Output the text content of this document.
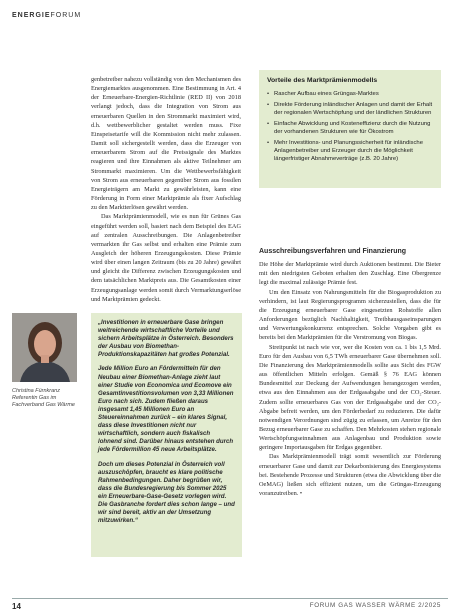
ENERGIEFORUM

genbetreiber nahezu vollständig von den Mechanismen des Energiemarktes ausgenommen. Eine Bestimmung in Art. 4 der Erneuerbare-Energien-Richtlinie (RED II) von 2018 verlangt jedoch, dass die Integration von Strom aus erneuerbaren Quellen in den Strommarkt maximiert wird, d.h. wettbewerblicher gestaltet werden muss. Fixe Einspeisetarife will die Kommission nicht mehr zulassen. Damit soll sichergestellt werden, dass die Erzeuger von erneuerbarem Strom auf die Preissignale des Marktes reagieren und ihre Einnahmen als aktive Teilnehmer am Strommarkt maximieren. Um die Wettbewerbsfähigkeit von Strom aus erneuerbaren gegenüber Strom aus fossilen Energieträgern am Markt zu gewährleisten, kann eine Förderung in Form einer Marktprämie als fixer Aufschlag zu den Marktterlösen gewährt werden.

Das Marktprämienmodell, wie es nun für Grünes Gas eingeführt werden soll, basiert nach dem Beispiel des EAG auf zentralen Ausschreibungen. Die Anlagenbetreiber vermarkten ihr Gas selbst und erhalten eine Prämie zum Ausgleich der höheren Erzeugungskosten. Diese Prämie wird über einen langen Zeitraum (bis zu 20 Jahre) gewährt und gleicht die Differenz zwischen Erzeugungskosten und dem tatsächlichen Marktpreis aus. Die Gesamtkosten einer Erzeugungsanlage werden somit durch Vermarktungserlöse und Marktprämien gedeckt.

Vorteile des Marktprämienmodells
• Rascher Aufbau eines Grüngas-Marktes
• Direkte Förderung inländischer Anlagen und damit der Erhalt der regionalen Wertschöpfung und der ländlichen Strukturen
• Einfache Abwicklung und Kosteneffizienz durch die Nutzung der vorhandenen Strukturen wie für Ökostrom
• Mehr Investitions- und Planungssicherheit für inländische Anlagenbetreiber und Erzeuger durch die Möglichkeit längerfristiger Abnahmeverträge (z.B. 20 Jahre)
Ausschreibungsverfahren und Finanzierung

Die Höhe der Marktprämie wird durch Auktionen bestimmt. Die Bieter mit den niedrigsten Geboten erhalten den Zuschlag. Eine Obergrenze legt die maximal zulässige Prämie fest.

Um den Einsatz von Nahrungsmitteln für die Biogasproduktion zu verhindern, ist laut Regierungsprogramm sicherzustellen, dass die für die Erzeugung erneuerbarer Gase eingesetzten Rohstoffe allen Anforderungen bezüglich Nachhaltigkeit, Treibhausgaseinsparungen und Verwertungskonkurrenz entsprechen. Solche Vorgaben gibt es bereits bei den Marktprämien für die Verstromung von Biogas.

Streitpunkt ist nach wie vor, wer die Kosten von ca. 1 bis 1,5 Mrd. Euro für den Ausbau von 6,5 TWh erneuerbarer Gase übernehmen soll. Die Finanzierung des Marktprämienmodells sollte aus Sicht des FGW aus öffentlichen Mitteln erfolgen. Gemäß § 76 EAG können Bundesmittel zur Deckung der Aufwendungen herangezogen werden, etwa aus den Einnahmen aus der Erdgasabgabe und der CO₂-Steuer. Zudem sollte erneuerbares Gas von der Erdgasabgabe und der CO₂-Abgabe befreit werden, um den Förderbedarf zu reduzieren. Die dafür notwendigen Verordnungen sind zügig zu erlassen, um Anreize für den Bezug erneuerbarer Gase zu schaffen. Den Mehrkosten stehen regionale Wertschöpfungseinnahmen aus Anlagenbau und Produktion sowie geringere Importausgaben für Erdgas gegenüber.

Das Marktprämienmodell trägt somit wesentlich zur Förderung erneuerbarer Gase und damit zur Dekarbonisierung des Energiesystems bei. Bestehende Prozesse und Strukturen (etwa die Abwicklung über die OeMAG) ließen sich effizient nutzen, um die Grüngas-Erzeugung voranzutreiben. •

Christina Fürnkranz
Referentin Gas im Fachverband Gas Wärme

„Investitionen in erneuerbare Gase bringen weitreichende wirtschaftliche Vorteile und sichern Arbeitsplätze in Österreich. Besonders der Ausbau von Biomethan-Produktionskapazitäten hat großes Potenzial.

Jede Million Euro an Fördermitteln für den Neubau einer Biomethan-Anlage zieht laut einer Studie von Economica und Ecomove ein Gesamtinvestitionsvolumen von 3,33 Millionen Euro nach sich. Zudem fließen daraus insgesamt 1,45 Millionen Euro an Steuereinnahmen zurück – ein klares Signal, dass diese Investitionen nicht nur wirtschaftlich, sondern auch fiskalisch lohnend sind. Darüber hinaus entstehen durch jede Fördermillion 45 neue Arbeitsplätze.

Doch um dieses Potenzial in Österreich voll auszuschöpfen, braucht es klare politische Rahmenbedingungen. Daher begrüßen wir, dass die Bundesregierung bis Sommer 2025 ein Erneuerbare-Gase-Gesetz vorlegen wird. Die Gasbranche fordert dies schon lange – und wir sind bereit, aktiv an der Umsetzung mitzuwirken.“

14	FORUM GAS WASSER WÄRME 2/2025
